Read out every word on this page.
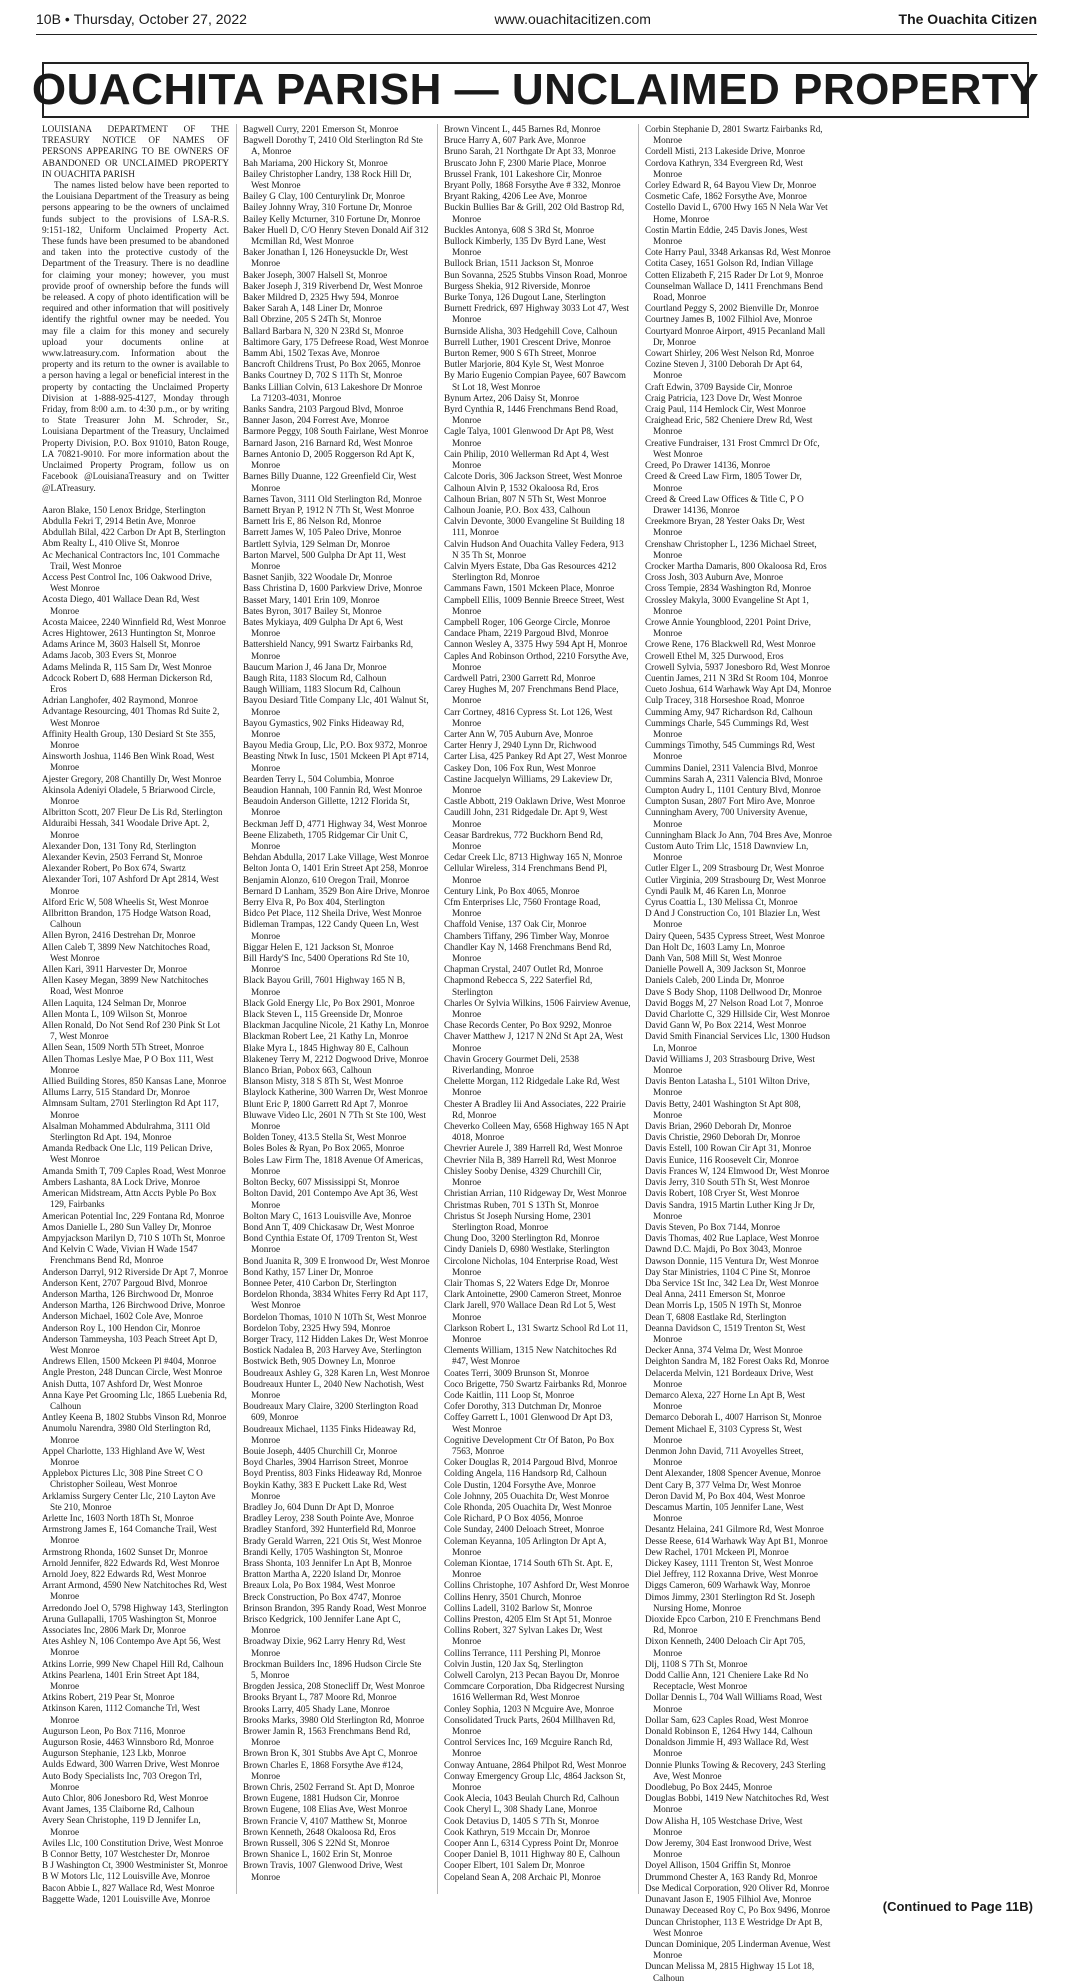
10B • Thursday, October 27, 2022	www.ouachitacitizen.com	The Ouachita Citizen
OUACHITA PARISH — UNCLAIMED PROPERTY

LOUISIANA DEPARTMENT OF THE TREASURY NOTICE OF NAMES OF PERSONS APPEARING TO BE OWNERS OF ABANDONED OR UNCLAIMED PROPERTY IN OUACHITA PARISH

The names listed below have been reported to the Louisiana Department of the Treasury as being persons appearing to be the owners of unclaimed funds subject to the provisions of LSA-R.S. 9:151-182, Uniform Unclaimed Property Act. These funds have been presumed to be abandoned and taken into the protective custody of the Department of the Treasury. There is no deadline for claiming your money; however, you must provide proof of ownership before the funds will be released. A copy of photo identification will be required and other information that will positively identify the rightful owner may be needed. You may file a claim for this money and securely upload your documents online at www.latreasury.com. Information about the property and its return to the owner is available to a person having a legal or beneficial interest in the property by contacting the Unclaimed Property Division at 1-888-925-4127, Monday through Friday, from 8:00 a.m. to 4:30 p.m., or by writing to State Treasurer John M. Schroder, Sr., Louisiana Department of the Treasury, Unclaimed Property Division, P.O. Box 91010, Baton Rouge, LA 70821-9010. For more information about the Unclaimed Property Program, follow us on Facebook @LouisianaTreasury and on Twitter @LATreasury.

Aaron Blake, 150 Lenox Bridge, Sterlington
Abdulla Fekri T, 2914 Betin Ave, Monroe
Abdullah Bilal, 422 Carbon Dr Apt B, Sterlington
Abm Realty L, 410 Olive St, Monroe
Ac Mechanical Contractors Inc, 101 Commache Trail, West Monroe
Access Pest Control Inc, 106 Oakwood Drive, West Monroe
Acosta Diego, 401 Wallace Dean Rd, West Monroe
Acosta Maicee, 2240 Winnfield Rd, West Monroe
Acres Hightower, 2613 Huntington St, Monroe
Adams Arince M, 3603 Halsell St, Monroe
Adams Jacob, 303 Evers St, Monroe
Adams Melinda R, 115 Sam Dr, West Monroe
Adcock Robert D, 688 Herman Dickerson Rd, Eros
Adrian Langhofer, 402 Raymond, Monroe
Advantage Resourcing, 401 Thomas Rd Suite 2, West Monroe
Affinity Health Group, 130 Desiard St Ste 355, Monroe
Ainsworth Joshua, 1146 Ben Wink Road, West Monroe
Ajester Gregory, 208 Chantilly Dr, West Monroe
Akinsola Adeniyi Oladele, 5 Briarwood Circle, Monroe
Albritton Scott, 207 Fleur De Lis Rd, Sterlington
Alduraibi Hessah, 341 Woodale Drive Apt. 2, Monroe
Alexander Don, 131 Tony Rd, Sterlington
Alexander Kevin, 2503 Ferrand St, Monroe
Alexander Robert, Po Box 674, Swartz
Alexander Tori, 107 Ashford Dr Apt 2814, West Monroe
Alford Eric W, 508 Wheelis St, West Monroe
Allbritton Brandon, 175 Hodge Watson Road, Calhoun
Allen Byron, 2416 Destrehan Dr, Monroe
Allen Caleb T, 3899 New Natchitoches Road, West Monroe
Allen Kari, 3911 Harvester Dr, Monroe
Allen Kasey Megan, 3899 New Natchitoches Road, West Monroe
Allen Laquita, 124 Selman Dr, Monroe
Allen Monta L, 109 Wilson St, Monroe
Allen Ronald, Do Not Send Rof 230 Pink St Lot 7, West Monroe
Allen Sean, 1509 North 5Th Street, Monroe
Allen Thomas Leslye Mae, P O Box 111, West Monroe
Allied Building Stores, 850 Kansas Lane, Monroe
Allums Larry, 515 Standard Dr, Monroe
Almnsam Sultam, 2701 Sterlington Rd Apt 117, Monroe
Alsalman Mohammed Abdulrahma, 3111 Old Sterlington Rd Apt. 194, Monroe
Amanda Redback One Llc, 119 Pelican Drive, West Monroe
Amanda Smith T, 709 Caples Road, West Monroe
Ambers Lashanta, 8A Lock Drive, Monroe
American Midstream, Attn Accts Pyble Po Box 129, Fairbanks
American Potential Inc, 229 Fontana Rd, Monroe
Amos Danielle L, 280 Sun Valley Dr, Monroe
Ampyjackson Marilyn D, 710 S 10Th St, Monroe
And Kelvin C Wade, Vivian H Wade 1547 Frenchmans Bend Rd, Monroe
Anderson Darryl, 912 Riverside Dr Apt 7, Monroe
Anderson Kent, 2707 Pargoud Blvd, Monroe
Anderson Martha, 126 Birchwood Dr, Monroe
Anderson Martha, 126 Birchwood Drive, Monroe
Anderson Michael, 1602 Cole Ave, Monroe
Anderson Roy L, 100 Hendon Cir, Monroe
Anderson Tammeysha, 103 Peach Street Apt D, West Monroe
Andrews Ellen, 1500 Mckeen Pl #404, Monroe
Angle Preston, 248 Duncan Circle, West Monroe
Anish Dutta, 107 Ashford Dr, West Monroe
Anna Kaye Pet Grooming Llc, 1865 Luebenia Rd, Calhoun
Antley Keena B, 1802 Stubbs Vinson Rd, Monroe
Anumolu Narendra, 3980 Old Sterlington Rd, Monroe
Appel Charlotte, 133 Highland Ave W, West Monroe
Applebox Pictures Llc, 308 Pine Street C O Christopher Soileau, West Monroe
Arklamiss Surgery Center Llc, 210 Layton Ave Ste 210, Monroe
Arlette Inc, 1603 North 18Th St, Monroe
Armstrong James E, 164 Comanche Trail, West Monroe
Armstrong Rhonda, 1602 Sunset Dr, Monroe
Arnold Jennifer, 822 Edwards Rd, West Monroe
Arnold Joey, 822 Edwards Rd, West Monroe
Arrant Armond, 4590 New Natchitoches Rd, West Monroe
Arredondo Joel O, 5798 Highway 143, Sterlington
Aruna Gullapalli, 1705 Washington St, Monroe
Associates Inc, 2806 Mark Dr, Monroe
Ates Ashley N, 106 Contempo Ave Apt 56, West Monroe
Atkins Lorrie, 999 New Chapel Hill Rd, Calhoun
Atkins Pearlena, 1401 Erin Street Apt 184, Monroe
Atkins Robert, 219 Pear St, Monroe
Atkinson Karen, 1112 Comanche Trl, West Monroe
Augurson Leon, Po Box 7116, Monroe
Augurson Rosie, 4463 Winnsboro Rd, Monroe
Augurson Stephanie, 123 Lkb, Monroe
Aulds Edward, 300 Warren Drive, West Monroe
Auto Body Specialists Inc, 703 Oregon Trl, Monroe
Auto Chlor, 806 Jonesboro Rd, West Monroe
Avant James, 135 Claiborne Rd, Calhoun
Avery Sean Christophe, 119 D Jennifer Ln, Monroe
Aviles Llc, 100 Constitution Drive, West Monroe
B Connor Betty, 107 Westchester Dr, Monroe
B J Washington Ct, 3900 Westminister St, Monroe
B W Motors Llc, 112 Louisville Ave, Monroe
Bacon Abbie L, 827 Wallace Rd, West Monroe
Baggette Wade, 1201 Louisville Ave, Monroe
Bagwell Curry, 2201 Emerson St, Monroe
Bagwell Dorothy T, 2410 Old Sterlington Rd Ste A, Monroe
Bah Mariama, 200 Hickory St, Monroe
Bailey Christopher Landry, 138 Rock Hill Dr, West Monroe
Bailey G Clay, 100 Centurylink Dr, Monroe
Bailey Johnny Wray, 310 Fortune Dr, Monroe
Bailey Kelly Mcturner, 310 Fortune Dr, Monroe
Baker Huell D, C/O Henry Steven Donald Aif 312 Mcmillan Rd, West Monroe
Baker Jonathan I, 126 Honeysuckle Dr, West Monroe
Baker Joseph, 3007 Halsell St, Monroe
Baker Joseph J, 319 Riverbend Dr, West Monroe
Baker Mildred D, 2325 Hwy 594, Monroe
Baker Sarah A, 148 Liner Dr, Monroe
Ball Obrzine, 205 S 24Th St, Monroe
Ballard Barbara N, 320 N 23Rd St, Monroe
Baltimore Gary, 175 Defreese Road, West Monroe
Bamm Abi, 1502 Texas Ave, Monroe
Bancroft Childrens Trust, Po Box 2065, Monroe
Banks Courtney D, 702 S 11Th St, Monroe
Banks Lillian Colvin, 613 Lakeshore Dr Monroe La 71203-4031, Monroe
Banks Sandra, 2103 Pargoud Blvd, Monroe
Banner Jason, 204 Forrest Ave, Monroe
Barmore Peggy, 108 South Fairlane, West Monroe
Barnard Jason, 216 Barnard Rd, West Monroe
Barnes Antonio D, 2005 Roggerson Rd Apt K, Monroe
Barnes Billy Duanne, 122 Greenfield Cir, West Monroe
Barnes Tavon, 3111 Old Sterlington Rd, Monroe
Barnett Bryan P, 1912 N 7Th St, West Monroe
Barnett Iris E, 86 Nelson Rd, Monroe
Barrett James W, 105 Paleo Drive, Monroe
Bartlett Sylvia, 129 Selman Dr, Monroe
Barton Marvel, 500 Gulpha Dr Apt 11, West Monroe
Basnet Sanjib, 322 Woodale Dr, Monroe
Bass Christina D, 1600 Parkview Drive, Monroe
Basset Mary, 1401 Erin 109, Monroe
Bates Byron, 3017 Bailey St, Monroe
Bates Mykiaya, 409 Gulpha Dr Apt 6, West Monroe
Battershield Nancy, 991 Swartz Fairbanks Rd, Monroe
Baucum Marion J, 46 Jana Dr, Monroe
Baugh Rita, 1183 Slocum Rd, Calhoun
Baugh William, 1183 Slocum Rd, Calhoun
Bayou Desiard Title Company Llc, 401 Walnut St, Monroe
Bayou Gymastics, 902 Finks Hideaway Rd, Monroe
Bayou Media Group, Llc, P.O. Box 9372, Monroe
Beasting Ntwk In Iusc, 1501 Mckeen Pl Apt #714, Monroe
Bearden Terry L, 504 Columbia, Monroe
Beaudion Hannah, 100 Fannin Rd, West Monroe
Beaudoin Anderson Gillette, 1212 Florida St, Monroe
Beckman Jeff D, 4771 Highway 34, West Monroe
Beene Elizabeth, 1705 Ridgemar Cir Unit C, Monroe
Behdan Abdulla, 2017 Lake Village, West Monroe
Belton Jonta O, 1401 Erin Street Apt 258, Monroe
Benjamin Alonzo, 610 Oregon Trail, Monroe
Bernard D Lanham, 3529 Bon Aire Drive, Monroe
Berry Elva R, Po Box 404, Sterlington
Bidco Pet Place, 112 Sheila Drive, West Monroe
Bidleman Trampas, 122 Candy Queen Ln, West Monroe
Biggar Helen E, 121 Jackson St, Monroe
Bill Hardy'S Inc, 5400 Operations Rd Ste 10, Monroe
Black Bayou Grill, 7601 Highway 165 N B, Monroe
Black Gold Energy Llc, Po Box 2901, Monroe
Black Steven L, 115 Greenside Dr, Monroe
Blackman Jacquline Nicole, 21 Kathy Ln, Monroe
Blackman Robert Lee, 21 Kathy Ln, Monroe
Blake Myra L, 1845 Highway 80 E, Calhoun
Blakeney Terry M, 2212 Dogwood Drive, Monroe
Blanco Brian, Pobox 663, Calhoun
Blanson Misty, 318 S 8Th St, West Monroe
Blaylock Katherine, 300 Warren Dr, West Monroe
Blunt Eric P, 1800 Garrett Rd Apt 7, Monroe
Bluwave Video Llc, 2601 N 7Th St Ste 100, West Monroe
Bolden Toney, 413.5 Stella St, West Monroe
Boles Boles & Ryan, Po Box 2065, Monroe
Boles Law Firm The, 1818 Avenue Of Americas, Monroe
Bolton Becky, 607 Mississippi St, Monroe
Bolton David, 201 Contempo Ave Apt 36, West Monroe
Bolton Mary C, 1613 Louisville Ave, Monroe
Bond Ann T, 409 Chickasaw Dr, West Monroe
Bond Cynthia Estate Of, 1709 Trenton St, West Monroe
Bond Juanita R, 309 E Ironwood Dr, West Monroe
Bond Kathy, 157 Liner Dr, Monroe
Bonnee Peter, 410 Carbon Dr, Sterlington
Bordelon Rhonda, 3834 Whites Ferry Rd Apt 117, West Monroe
Bordelon Thomas, 1010 N 10Th St, West Monroe
Bordelon Toby, 2325 Hwy 594, Monroe
Borger Tracy, 112 Hidden Lakes Dr, West Monroe
Bostick Nadalea B, 203 Harvey Ave, Sterlington
Bostwick Beth, 905 Downey Ln, Monroe
Boudreaux Ashley G, 328 Karen Ln, West Monroe
Boudreaux Hunter L, 2040 New Nachotish, West Monroe
Boudreaux Mary Claire, 3200 Sterlington Road 609, Monroe
Boudreaux Michael, 1135 Finks Hideaway Rd, Monroe
Bouie Joseph, 4405 Churchill Cr, Monroe
Boyd Charles, 3904 Harrison Street, Monroe
Boyd Prentiss, 803 Finks Hideaway Rd, Monroe
Boykin Kathy, 383 E Puckett Lake Rd, West Monroe
Bradley Jo, 604 Dunn Dr Apt D, Monroe
Bradley Leroy, 238 South Pointe Ave, Monroe
Bradley Stanford, 392 Hunterfield Rd, Monroe
Brady Gerald Warren, 221 Otis St, West Monroe
Brandi Kelly, 1705 Washington St, Monroe
Brass Shonta, 103 Jennifer Ln Apt B, Monroe
Bratton Martha A, 2220 Island Dr, Monroe
Breaux Lola, Po Box 1984, West Monroe
Breck Construction, Po Box 4747, Monroe
Brinson Brandon, 395 Randy Road, West Monroe
Brisco Kedgrick, 100 Jennifer Lane Apt C, Monroe
Broadway Dixie, 962 Larry Henry Rd, West Monroe
Brockman Builders Inc, 1896 Hudson Circle Ste 5, Monroe
Brogden Jessica, 208 Stonecliff Dr, West Monroe
Brooks Bryant L, 787 Moore Rd, Monroe
Brooks Larry, 405 Shady Lane, Monroe
Brooks Marks, 3980 Old Sterlington Rd, Monroe
Brower Jamin R, 1563 Frenchmans Bend Rd, Monroe
Brown Bron K, 301 Stubbs Ave Apt C, Monroe
Brown Charles E, 1868 Forsythe Ave #124, Monroe
Brown Chris, 2502 Ferrand St. Apt D, Monroe
Brown Eugene, 1881 Hudson Cir, Monroe
Brown Eugene, 108 Elias Ave, West Monroe
Brown Francie V, 4107 Matthew St, Monroe
Brown Kenneth, 2648 Okaloosa Rd, Eros
Brown Russell, 306 S 22Nd St, Monroe
Brown Shanice L, 1602 Erin St, Monroe
Brown Travis, 1007 Glenwood Drive, West Monroe
Brown Vincent L, 445 Barnes Rd, Monroe
Bruce Harry A, 607 Park Ave, Monroe
Bruno Sarah, 21 Northgate Dr Apt 33, Monroe
Bruscato John F, 2300 Marie Place, Monroe
Brussel Frank, 101 Lakeshore Cir, Monroe
Bryant Polly, 1868 Forsythe Ave # 332, Monroe
Bryant Raking, 4206 Lee Ave, Monroe
Buckin Bullies Bar & Grill, 202 Old Bastrop Rd, Monroe
Buckles Antonya, 608 S 3Rd St, Monroe
Bullock Kimberly, 135 Dv Byrd Lane, West Monroe
Bullock Brian, 1511 Jackson St, Monroe
Bun Sovanna, 2525 Stubbs Vinson Road, Monroe
Burgess Shekia, 912 Riverside, Monroe
Burke Tonya, 126 Dugout Lane, Sterlington
Burnett Fredrick, 697 Highway 3033 Lot 47, West Monroe
Burnside Alisha, 303 Hedgehill Cove, Calhoun
Burrell Luther, 1901 Crescent Drive, Monroe
Burton Remer, 900 S 6Th Street, Monroe
Butler Marjorie, 804 Kyle St, West Monroe
By Mario Eugenio Compian Payee, 607 Bawcom St Lot 18, West Monroe
Bynum Artez, 206 Daisy St, Monroe
Byrd Cynthia R, 1446 Frenchmans Bend Road, Monroe
Cagle Talya, 1001 Glenwood Dr Apt P8, West Monroe
Cain Philip, 2010 Wellerman Rd Apt 4, West Monroe
Calcote Doris, 306 Jackson Street, West Monroe
Calhoun Alvin P, 1532 Okaloosa Rd, Eros
Calhoun Brian, 807 N 5Th St, West Monroe
Calhoun Joanie, P.O. Box 433, Calhoun
Calvin Devonte, 3000 Evangeline St Building 18 111, Monroe
Calvin Hudson And Ouachita Valley Federa, 913 N 35 Th St, Monroe
Calvin Myers Estate, Dba Gas Resources 4212 Sterlington Rd, Monroe
Cammans Fawn, 1501 Mckeen Place, Monroe
Campbell Ellis, 1009 Bennie Breece Street, West Monroe
Campbell Roger, 106 George Circle, Monroe
Candace Pham, 2219 Pargoud Blvd, Monroe
Cannon Wesley A, 3375 Hwy 594 Apt H, Monroe
Caples And Robinson Orthod, 2210 Forsythe Ave, Monroe
Cardwell Patri, 2300 Garrett Rd, Monroe
Carey Hughes M, 207 Frenchmans Bend Place, Monroe
Carr Cortney, 4816 Cypress St. Lot 126, West Monroe
Carter Ann W, 705 Auburn Ave, Monroe
Carter Henry J, 2940 Lynn Dr, Richwood
Carter Lisa, 425 Pankey Rd Apt 27, West Monroe
Caskey Don, 106 Fox Run, West Monroe
Castine Jacquelyn Williams, 29 Lakeview Dr, Monroe
Castle Abbott, 219 Oaklawn Drive, West Monroe
Caudill John, 231 Ridgedale Dr. Apt 9, West Monroe
Ceasar Bardrekus, 772 Buckhorn Bend Rd, Monroe
Cedar Creek Llc, 8713 Highway 165 N, Monroe
Cellular Wireless, 314 Frenchmans Bend Pl, Monroe
Century Link, Po Box 4065, Monroe
Cfm Enterprises Llc, 7560 Frontage Road, Monroe
Chaffold Venise, 137 Oak Cir, Monroe
Chambers Tiffany, 296 Timber Way, Monroe
Chandler Kay N, 1468 Frenchmans Bend Rd, Monroe
Chapman Crystal, 2407 Outlet Rd, Monroe
Chapmond Rebecca S, 222 Saterfiel Rd, Sterlington
Charles Or Sylvia Wilkins, 1506 Fairview Avenue, Monroe
Chase Records Center, Po Box 9292, Monroe
Chaver Matthew J, 1217 N 2Nd St Apt 2A, West Monroe
Chavin Grocery Gourmet Deli, 2538 Riverlanding, Monroe
Chelette Morgan, 112 Ridgedale Lake Rd, West Monroe
Chester A Bradley Iii And Associates, 222 Prairie Rd, Monroe
Cheverko Colleen May, 6568 Highway 165 N Apt 4018, Monroe
Chevrier Aurele J, 389 Harrell Rd, West Monroe
Chevrier Nila B, 389 Harrell Rd, West Monroe
Chisley Sooby Denise, 4329 Churchill Cir, Monroe
Christian Arrian, 110 Ridgeway Dr, West Monroe
Christmas Ruben, 701 S 13Th St, Monroe
Christus St Joseph Nursing Home, 2301 Sterlington Road, Monroe
Chung Doo, 3200 Sterlington Rd, Monroe
Cindy Daniels D, 6980 Westlake, Sterlington
Circolone Nicholas, 104 Enterprise Road, West Monroe
Clair Thomas S, 22 Waters Edge Dr, Monroe
Clark Antoinette, 2900 Cameron Street, Monroe
Clark Jarell, 970 Wallace Dean Rd Lot 5, West Monroe
Clarkson Robert L, 131 Swartz School Rd Lot 11, Monroe
Clements William, 1315 New Natchitoches Rd #47, West Monroe
Coates Terri, 3009 Brunson St, Monroe
Coco Brigette, 750 Swartz Fairbanks Rd, Monroe
Code Kaitlin, 111 Loop St, Monroe
Cofer Dorothy, 313 Dutchman Dr, Monroe
Coffey Garrett L, 1001 Glenwood Dr Apt D3, West Monroe
Cognitive Development Ctr Of Baton, Po Box 7563, Monroe
Coker Douglas R, 2014 Pargoud Blvd, Monroe
Colding Angela, 116 Handsorp Rd, Calhoun
Cole Dustin, 1204 Forsythe Ave, Monroe
Cole Johnny, 205 Ouachita Dr, West Monroe
Cole Rhonda, 205 Ouachita Dr, West Monroe
Cole Richard, P O Box 4056, Monroe
Cole Sunday, 2400 Deloach Street, Monroe
Coleman Keyanna, 105 Arlington Dr Apt A, Monroe
Coleman Kiontae, 1714 South 6Th St. Apt. E, Monroe
Collins Christophe, 107 Ashford Dr, West Monroe
Collins Henry, 3501 Church, Monroe
Collins Ladell, 3102 Barlow St, Monroe
Collins Preston, 4205 Elm St Apt 51, Monroe
Collins Robert, 327 Sylvan Lakes Dr, West Monroe
Collins Terrance, 111 Pershing Pl, Monroe
Colvin Justin, 120 Jax Sq, Sterlington
Colwell Carolyn, 213 Pecan Bayou Dr, Monroe
Commcare Corporation, Dba Ridgecrest Nursing 1616 Wellerman Rd, West Monroe
Conley Sophia, 1203 N Mcguire Ave, Monroe
Consolidated Truck Parts, 2604 Millhaven Rd, Monroe
Control Services Inc, 169 Mcguire Ranch Rd, Monroe
Conway Antuane, 2864 Philpot Rd, West Monroe
Conway Emergency Group Llc, 4864 Jackson St, Monroe
Cook Alecia, 1043 Beulah Church Rd, Calhoun
Cook Cheryl L, 308 Shady Lane, Monroe
Cook Detavius D, 1405 S 7Th St, Monroe
Cook Kathryn, 519 Mccain Dr, Monroe
Cooper Ann L, 6314 Cypress Point Dr, Monroe
Cooper Daniel B, 1011 Highway 80 E, Calhoun
Cooper Elbert, 101 Salem Dr, Monroe
Copeland Sean A, 208 Archaic Pl, Monroe
Corbin Stephanie D, 2801 Swartz Fairbanks Rd, Monroe
Cordell Misti, 213 Lakeside Drive, Monroe
Cordova Kathryn, 334 Evergreen Rd, West Monroe
Corley Edward R, 64 Bayou View Dr, Monroe
Cosmetic Cafe, 1862 Forsythe Ave, Monroe
Costello David L, 6700 Hwy 165 N Nela War Vet Home, Monroe
Costin Martin Eddie, 245 Davis Jones, West Monroe
Cote Harry Paul, 3348 Arkansas Rd, West Monroe
Cotita Casey, 1651 Golson Rd, Indian Village
Cotten Elizabeth F, 215 Rader Dr Lot 9, Monroe
Counselman Wallace D, 1411 Frenchmans Bend Road, Monroe
Courtland Peggy S, 2002 Bienville Dr, Monroe
Courtney James B, 1002 Filhiol Ave, Monroe
Courtyard Monroe Airport, 4915 Pecanland Mall Dr, Monroe
Cowart Shirley, 206 West Nelson Rd, Monroe
Cozine Steven J, 3100 Deborah Dr Apt 64, Monroe
Craft Edwin, 3709 Bayside Cir, Monroe
Craig Patricia, 123 Dove Dr, West Monroe
Craig Paul, 114 Hemlock Cir, West Monroe
Craighead Eric, 582 Cheniere Drew Rd, West Monroe
Creative Fundraiser, 131 Frost Cmmrcl Dr Ofc, West Monroe
Creed, Po Drawer 14136, Monroe
Creed & Creed Law Firm, 1805 Tower Dr, Monroe
Creed & Creed Law Offices & Title C, P O Drawer 14136, Monroe
Creekmore Bryan, 28 Yester Oaks Dr, West Monroe
Crenshaw Christopher L, 1236 Michael Street, Monroe
Crocker Martha Damaris, 800 Okaloosa Rd, Eros
Cross Josh, 303 Auburn Ave, Monroe
Cross Tempie, 2834 Washington Rd, Monroe
Crossley Makyla, 3000 Evangeline St Apt 1, Monroe
Crowe Annie Youngblood, 2201 Point Drive, Monroe
Crowe Rene, 176 Blackwell Rd, West Monroe
Crowell Ethel M, 325 Durwood, Eros
Crowell Sylvia, 5937 Jonesboro Rd, West Monroe
Cuentin James, 211 N 3Rd St Room 104, Monroe
Cueto Joshua, 614 Warhawk Way Apt D4, Monroe
Culp Tracey, 318 Horseshoe Road, Monroe
Cumming Amy, 947 Richardson Rd, Calhoun
Cummings Charle, 545 Cummings Rd, West Monroe
Cummings Timothy, 545 Cummings Rd, West Monroe
Cummins Daniel, 2311 Valencia Blvd, Monroe
Cummins Sarah A, 2311 Valencia Blvd, Monroe
Cumpton Audry L, 1101 Century Blvd, Monroe
Cumpton Susan, 2807 Fort Miro Ave, Monroe
Cunningham Avery, 700 University Avenue, Monroe
Cunningham Black Jo Ann, 704 Bres Ave, Monroe
Custom Auto Trim Llc, 1518 Dawnview Ln, Monroe
Cutler Elger L, 209 Strasbourg Dr, West Monroe
Cutler Virginia, 209 Strasbourg Dr, West Monroe
Cyndi Paulk M, 46 Karen Ln, Monroe
Cyrus Coattia L, 130 Melissa Ct, Monroe
D And J Construction Co, 101 Blazier Ln, West Monroe
Dairy Queen, 5435 Cypress Street, West Monroe
Dan Holt Dc, 1603 Lamy Ln, Monroe
Danh Van, 508 Mill St, West Monroe
Danielle Powell A, 309 Jackson St, Monroe
Daniels Caleb, 200 Linda Dr, Monroe
Dave S Body Shop, 1108 Dellwood Dr, Monroe
David Boggs M, 27 Nelson Road Lot 7, Monroe
David Charlotte C, 329 Hillside Cir, West Monroe
David Gann W, Po Box 2214, West Monroe
David Smith Financial Services Llc, 1300 Hudson Ln, Monroe
David Williams J, 203 Strasbourg Drive, West Monroe
Davis Benton Latasha L, 5101 Wilton Drive, Monroe
Davis Betty, 2401 Washington St Apt 808, Monroe
Davis Brian, 2960 Deborah Dr, Monroe
Davis Christie, 2960 Deborah Dr, Monroe
Davis Estell, 100 Rowan Cir Apt 31, Monroe
Davis Eunice, 116 Roosevelt Cir, Monroe
Davis Frances W, 124 Elmwood Dr, West Monroe
Davis Jerry, 310 South 5Th St, West Monroe
Davis Robert, 108 Cryer St, West Monroe
Davis Sandra, 1915 Martin Luther King Jr Dr, Monroe
Davis Steven, Po Box 7144, Monroe
Davis Thomas, 402 Rue Laplace, West Monroe
Dawnd D.C. Majdi, Po Box 3043, Monroe
Dawson Donnie, 115 Ventura Dr, West Monroe
Day Star Ministries, 1104 C Pine St, Monroe
Dba Service 1St Inc, 342 Lea Dr, West Monroe
Deal Anna, 2411 Emerson St, Monroe
Dean Morris Lp, 1505 N 19Th St, Monroe
Dean T, 6808 Eastlake Rd, Sterlington
Deanna Davidson C, 1519 Trenton St, West Monroe
Decker Anna, 374 Velma Dr, West Monroe
Deighton Sandra M, 182 Forest Oaks Rd, Monroe
Delacerda Melvin, 121 Bordeaux Drive, West Monroe
Demarco Alexa, 227 Horne Ln Apt B, West Monroe
Demarco Deborah L, 4007 Harrison St, Monroe
Dement Michael E, 3103 Cypress St, West Monroe
Denmon John David, 711 Avoyelles Street, Monroe
Dent Alexander, 1808 Spencer Avenue, Monroe
Dent Cary B, 377 Velma Dr, West Monroe
Deron David M, Po Box 404, West Monroe
Descamus Martin, 105 Jennifer Lane, West Monroe
Desantz Helaina, 241 Gilmore Rd, West Monroe
Desse Reese, 614 Warhawk Way Apt B1, Monroe
Dew Rachel, 1701 Mckeen Pl, Monroe
Dickey Kasey, 1111 Trenton St, West Monroe
Diel Jeffrey, 112 Roxanna Drive, West Monroe
Diggs Cameron, 609 Warhawk Way, Monroe
Dimos Jimmy, 2301 Sterlington Rd St. Joseph Nursing Home, Monroe
Dioxide Epco Carbon, 210 E Frenchmans Bend Rd, Monroe
Dixon Kenneth, 2400 Deloach Cir Apt 705, Monroe
Dlj, 1108 S 7Th St, Monroe
Dodd Callie Ann, 121 Cheniere Lake Rd No Receptacle, West Monroe
Dollar Dennis L, 704 Wall Williams Road, West Monroe
Dollar Sam, 623 Caples Road, West Monroe
Donald Robinson E, 1264 Hwy 144, Calhoun
Donaldson Jimmie H, 493 Wallace Rd, West Monroe
Donnie Plunks Towing & Recovery, 243 Sterling Ave, West Monroe
Doodlebug, Po Box 2445, Monroe
Douglas Bobbi, 1419 New Natchitoches Rd, West Monroe
Dow Alisha H, 105 Westchase Drive, West Monroe
Dow Jeremy, 304 East Ironwood Drive, West Monroe
Doyel Allison, 1504 Griffin St, Monroe
Drummond Chester A, 163 Randy Rd, Monroe
Dse Medical Corporation, 920 Oliver Rd, Monroe
Dunavant Jason E, 1905 Filhiol Ave, Monroe
Dunaway Deceased Roy C, Po Box 9496, Monroe
Duncan Christopher, 113 E Westridge Dr Apt B, West Monroe
Duncan Dominique, 205 Linderman Avenue, West Monroe
Duncan Melissa M, 2815 Highway 15 Lot 18, Calhoun
(Continued to Page 11B)
